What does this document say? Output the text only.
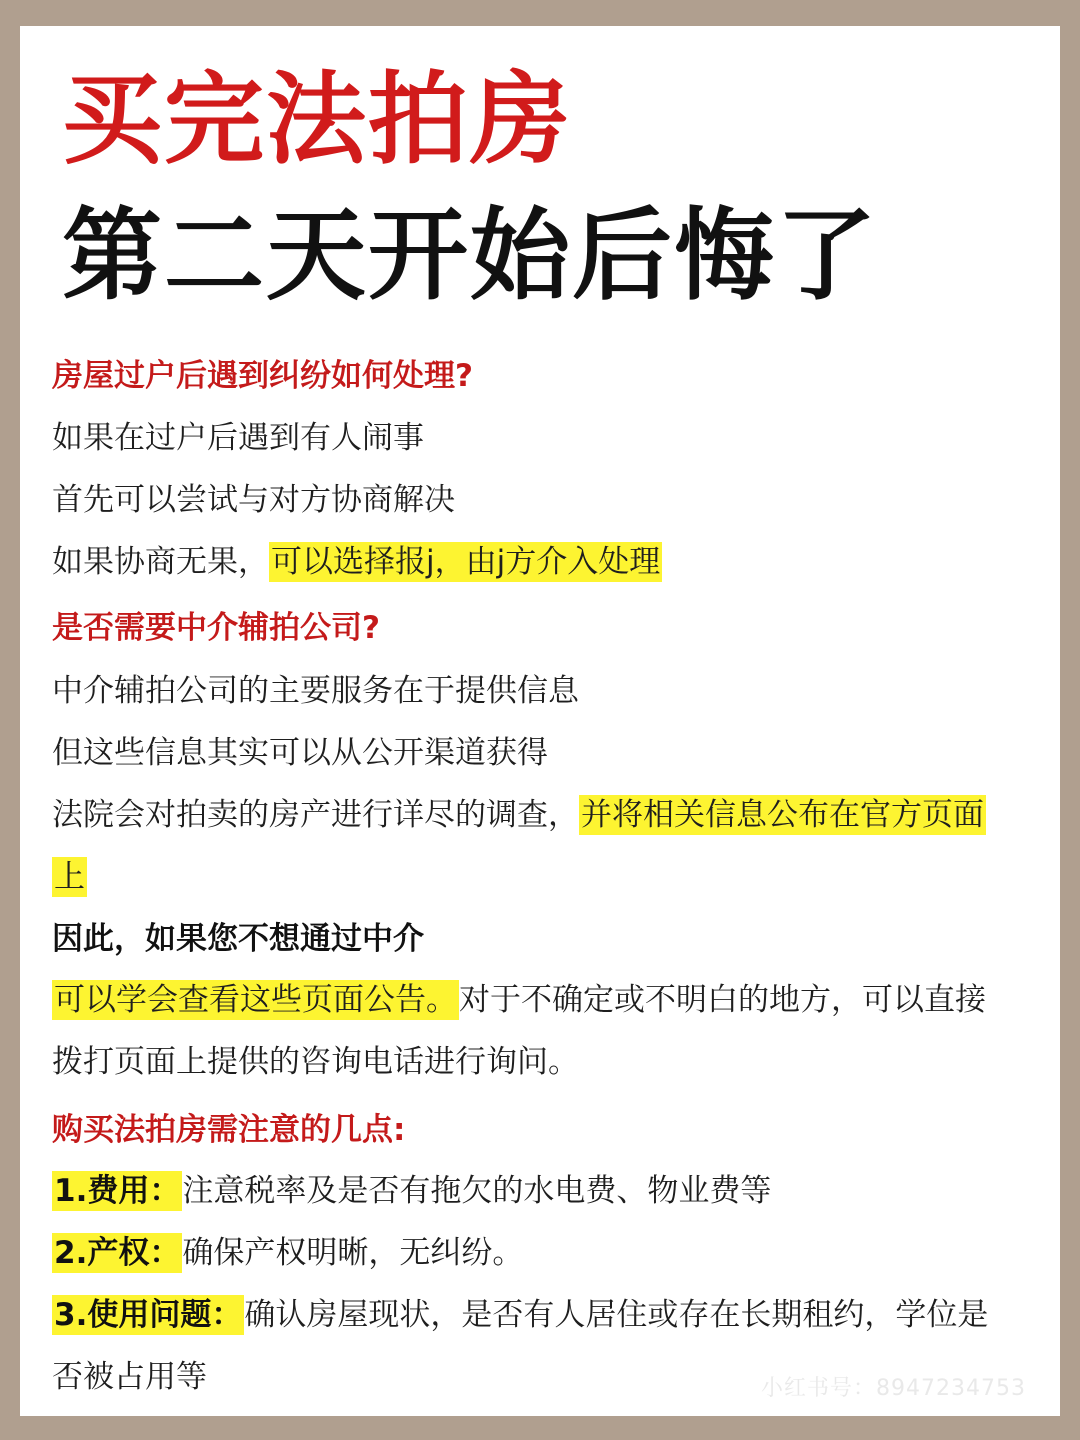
买完法拍房
第二天开始后悔了
房屋过户后遇到纠纷如何处理?
如果在过户后遇到有人闹事
首先可以尝试与对方协商解决
如果协商无果，可以选择报j，由j方介入处理
是否需要中介辅拍公司?
中介辅拍公司的主要服务在于提供信息
但这些信息其实可以从公开渠道获得
法院会对拍卖的房产进行详尽的调查，并将相关信息公布在官方页面
上
因此，如果您不想通过中介
可以学会查看这些页面公告。对于不确定或不明白的地方，可以直接
拨打页面上提供的咨询电话进行询问。
购买法拍房需注意的几点:
1.费用：注意税率及是否有拖欠的水电费、物业费等
2.产权：确保产权明晰，无纠纷。
3.使用问题：确认房屋现状，是否有人居住或存在长期租约，学位是
否被占用等	小红书号：8947234753
